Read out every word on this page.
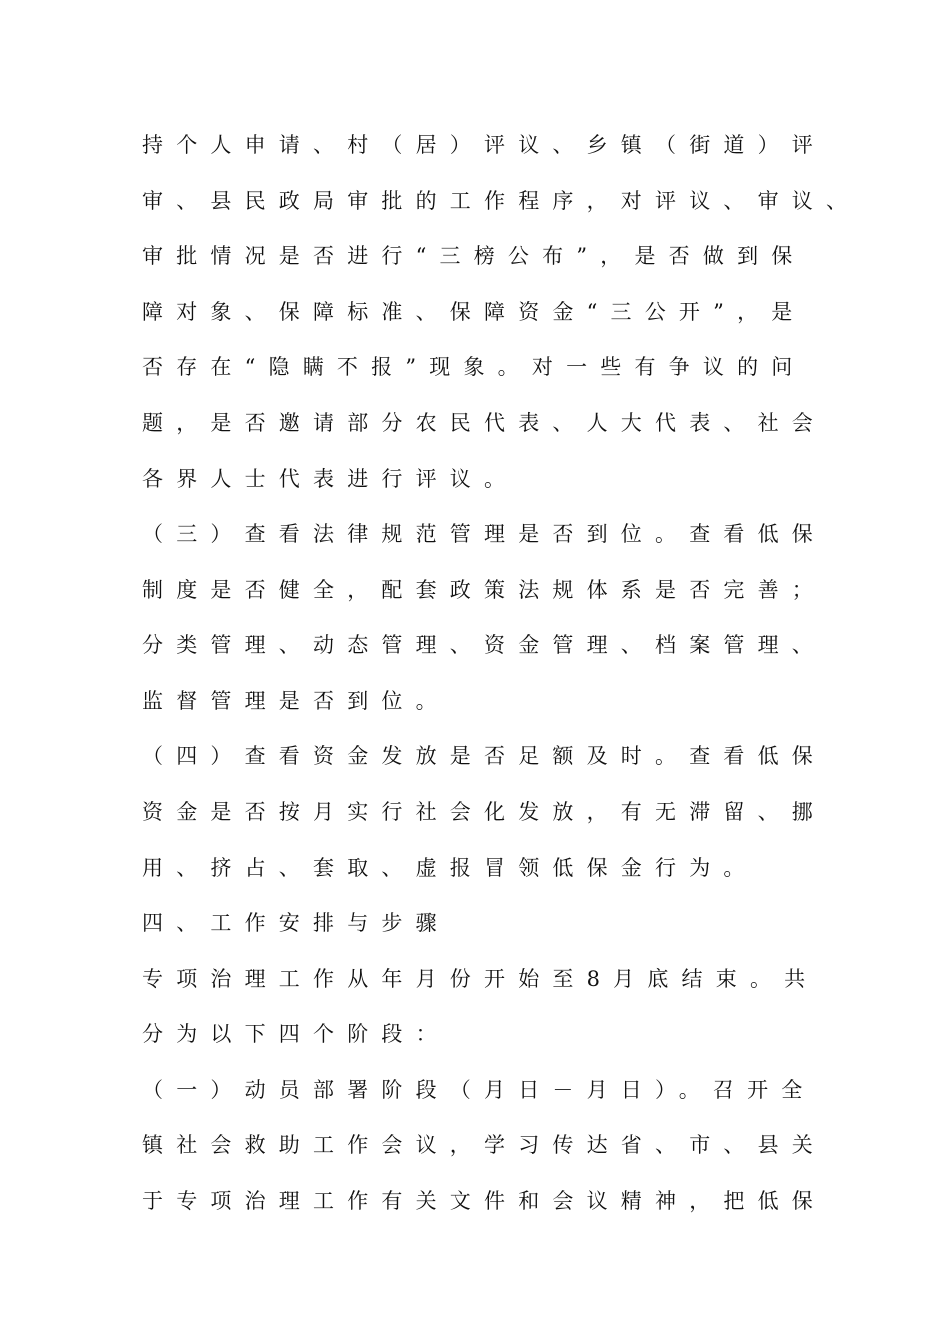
持个人申请、村（居）评议、乡镇（街道）评
审、县民政局审批的工作程序，对评议、审议、
审批情况是否进行“三榜公布”，是否做到保
障对象、保障标准、保障资金“三公开”，是
否存在“隐瞒不报”现象。对一些有争议的问
题，是否邀请部分农民代表、人大代表、社会
各界人士代表进行评议。
（三）查看法律规范管理是否到位。查看低保
制度是否健全，配套政策法规体系是否完善；
分类管理、动态管理、资金管理、档案管理、
监督管理是否到位。
（四）查看资金发放是否足额及时。查看低保
资金是否按月实行社会化发放，有无滞留、挪
用、挤占、套取、虚报冒领低保金行为。
四、工作安排与步骤
专项治理工作从年月份开始至8月底结束。共
分为以下四个阶段：
（一）动员部署阶段（月日－月日）。召开全
镇社会救助工作会议，学习传达省、市、县关
于专项治理工作有关文件和会议精神，把低保
